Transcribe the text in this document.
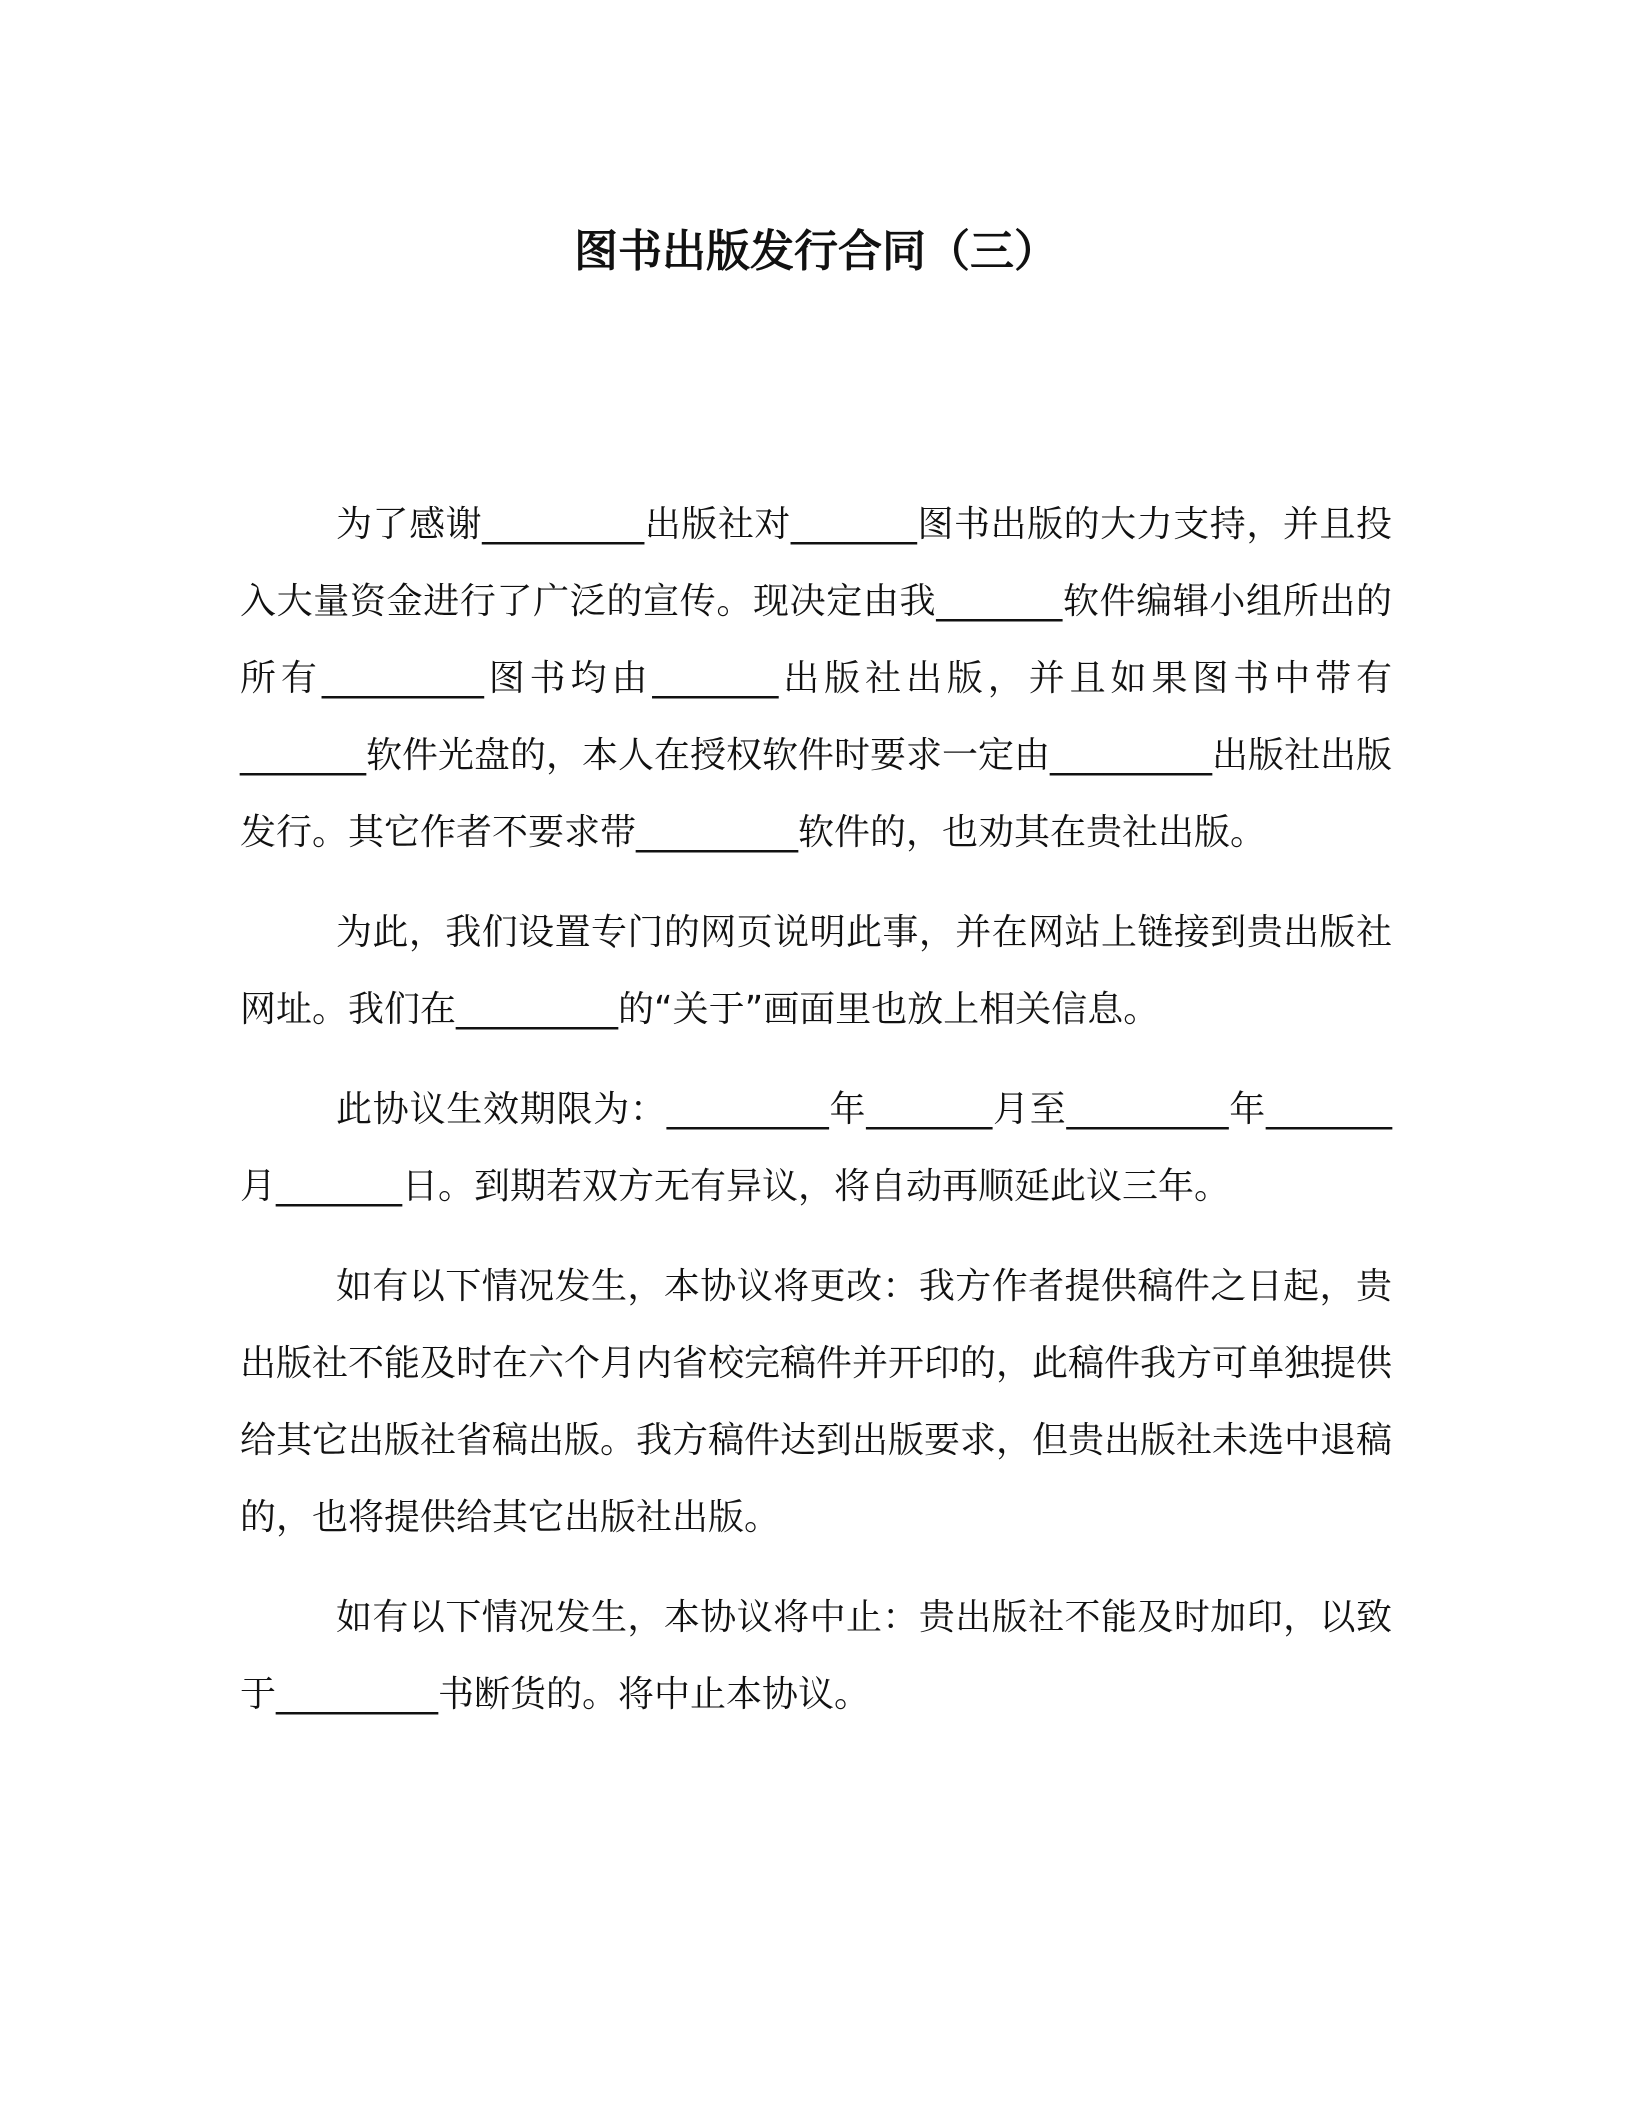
图书出版发行合同（三）

为了感谢_________出版社对_______图书出版的大力支持，并且投入大量资金进行了广泛的宣传。现决定由我_______软件编辑小组所出的所有_________图书均由_______出版社出版，并且如果图书中带有_______软件光盘的，本人在授权软件时要求一定由_________出版社出版发行。其它作者不要求带_________软件的，也劝其在贵社出版。

为此，我们设置专门的网页说明此事，并在网站上链接到贵出版社网址。我们在_________的“关于”画面里也放上相关信息。

此协议生效期限为：_________年_______月至_________年_______月_______日。到期若双方无有异议，将自动再顺延此议三年。

如有以下情况发生，本协议将更改：我方作者提供稿件之日起，贵出版社不能及时在六个月内省校完稿件并开印的，此稿件我方可单独提供给其它出版社省稿出版。我方稿件达到出版要求，但贵出版社未选中退稿的，也将提供给其它出版社出版。

如有以下情况发生，本协议将中止：贵出版社不能及时加印，以致于_________书断货的。将中止本协议。
